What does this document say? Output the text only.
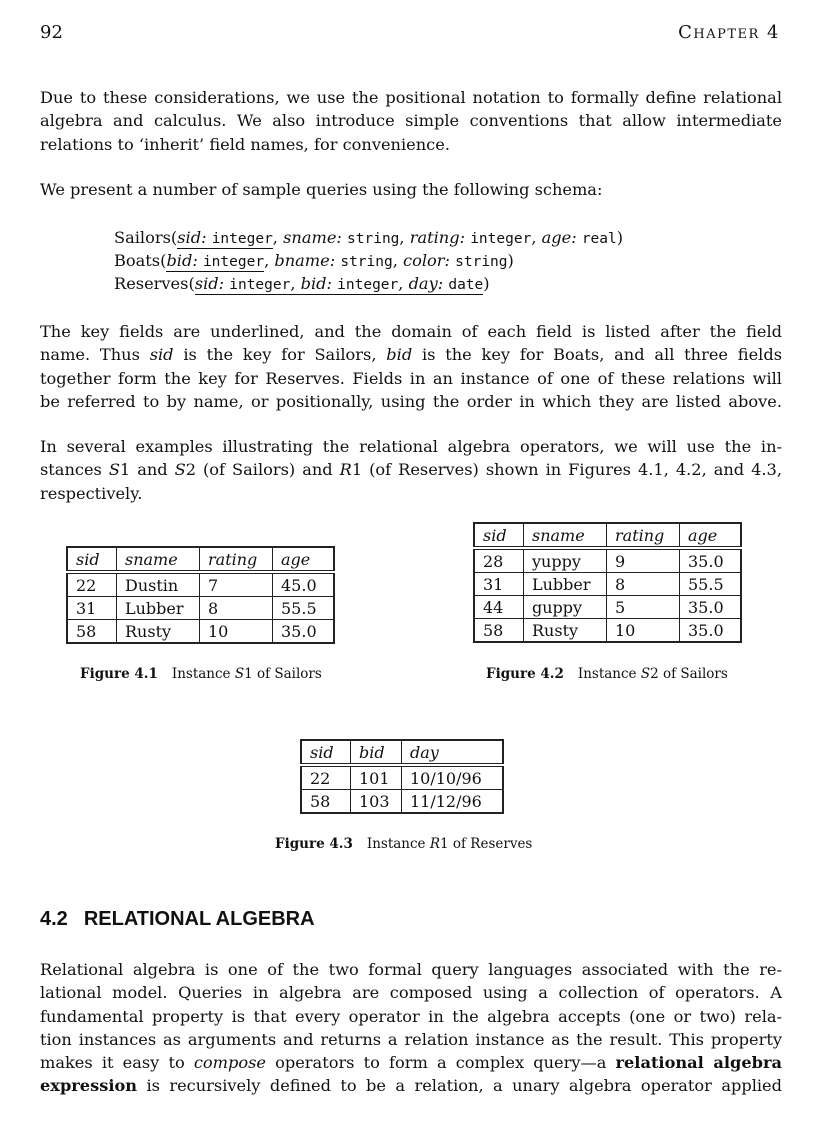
92	Chapter 4
Due to these considerations, we use the positional notation to formally define relational
algebra and calculus. We also introduce simple conventions that allow intermediate
relations to ‘inherit’ field names, for convenience.
We present a number of sample queries using the following schema:
Sailors(sid: integer, sname: string, rating: integer, age: real)
Boats(bid: integer, bname: string, color: string)
Reserves(sid: integer, bid: integer, day: date)
The key fields are underlined, and the domain of each field is listed after the field
name. Thus sid is the key for Sailors, bid is the key for Boats, and all three fields
together form the key for Reserves. Fields in an instance of one of these relations will
be referred to by name, or positionally, using the order in which they are listed above.
In several examples illustrating the relational algebra operators, we will use the in-
stances S1 and S2 (of Sailors) and R1 (of Reserves) shown in Figures 4.1, 4.2, and 4.3,
respectively.
sid	sname	rating	age
22	Dustin	7	45.0
31	Lubber	8	55.5
58	Rusty	10	35.0
Figure 4.1 Instance S1 of Sailors
sid	sname	rating	age
28	yuppy	9	35.0
31	Lubber	8	55.5
44	guppy	5	35.0
58	Rusty	10	35.0
Figure 4.2 Instance S2 of Sailors
sid	bid	day
22	101	10/10/96
58	103	11/12/96
Figure 4.3 Instance R1 of Reserves
4.2 RELATIONAL ALGEBRA
Relational algebra is one of the two formal query languages associated with the re-
lational model. Queries in algebra are composed using a collection of operators. A
fundamental property is that every operator in the algebra accepts (one or two) rela-
tion instances as arguments and returns a relation instance as the result. This property
makes it easy to compose operators to form a complex query—a relational algebra
expression is recursively defined to be a relation, a unary algebra operator applied
